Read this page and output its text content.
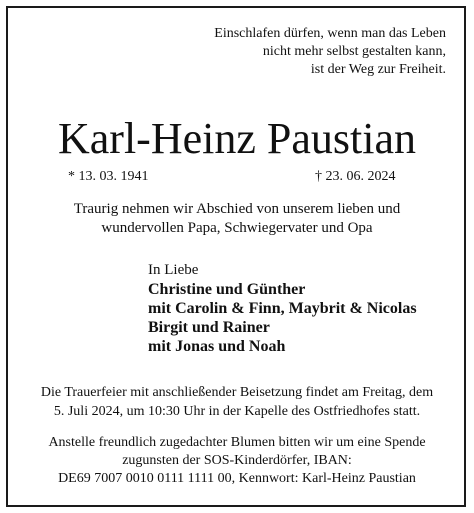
Einschlafen dürfen, wenn man das Leben
nicht mehr selbst gestalten kann,
ist der Weg zur Freiheit.
Karl-Heinz Paustian
* 13. 03. 1941	† 23. 06. 2024
Traurig nehmen wir Abschied von unserem lieben und
wundervollen Papa, Schwiegervater und Opa
In Liebe
Christine und Günther
mit Carolin & Finn, Maybrit & Nicolas
Birgit und Rainer
mit Jonas und Noah
Die Trauerfeier mit anschließender Beisetzung findet am Freitag, dem
5. Juli 2024, um 10:30 Uhr in der Kapelle des Ostfriedhofes statt.
Anstelle freundlich zugedachter Blumen bitten wir um eine Spende
zugunsten der SOS-Kinderdörfer, IBAN:
DE69 7007 0010 0111 1111 00, Kennwort: Karl-Heinz Paustian
